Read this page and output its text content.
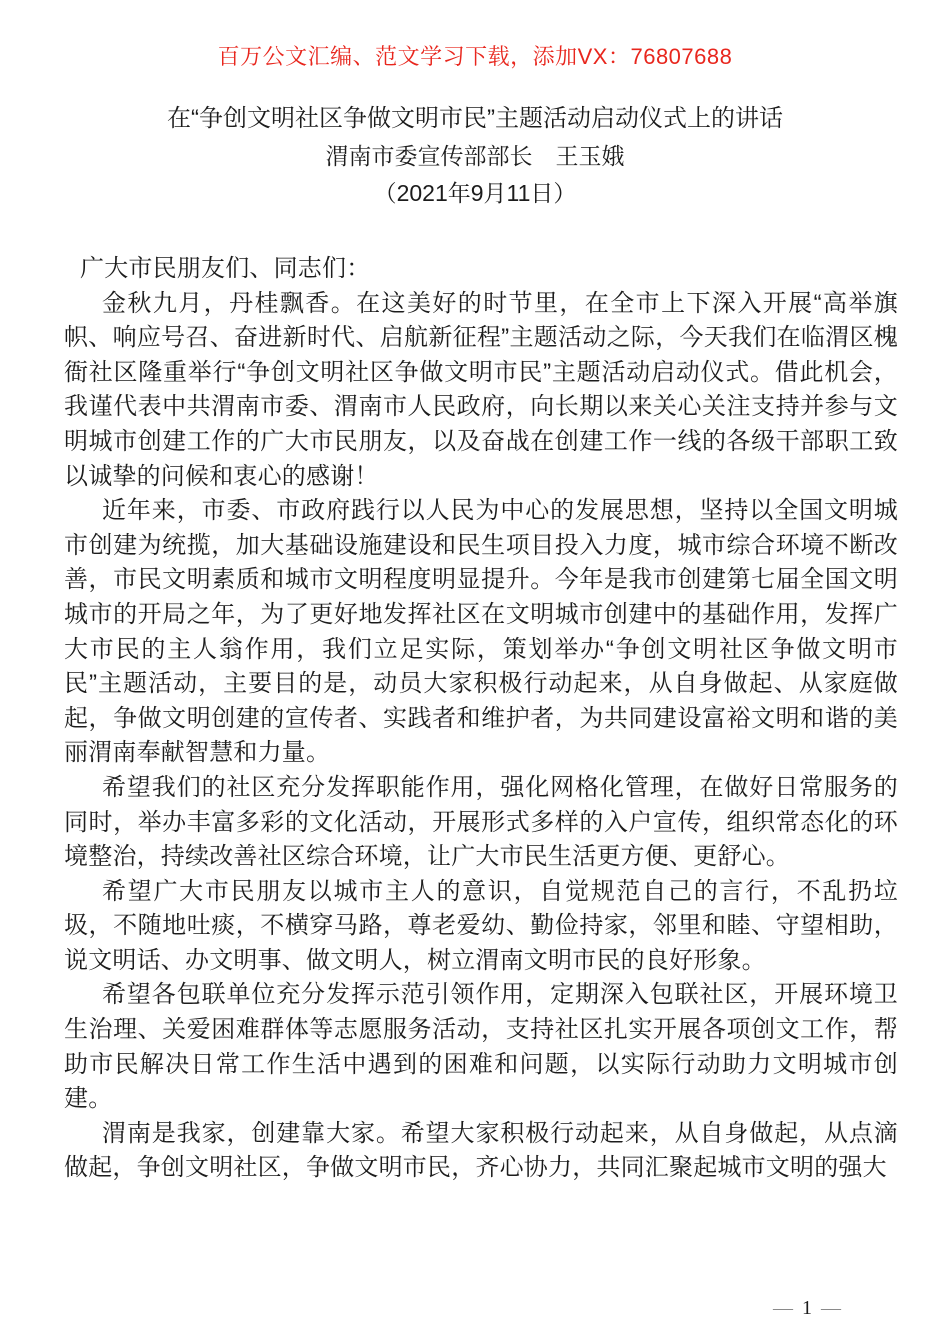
百万公文汇编、范文学习下载，添加VX：76807688

在“争创文明社区争做文明市民”主题活动启动仪式上的讲话

渭南市委宣传部部长　王玉娥

（2021年9月11日）

广大市民朋友们、同志们：

金秋九月，丹桂飘香。在这美好的时节里，在全市上下深入开展“高举旗帜、响应号召、奋进新时代、启航新征程”主题活动之际，今天我们在临渭区槐衙社区隆重举行“争创文明社区争做文明市民”主题活动启动仪式。借此机会，我谨代表中共渭南市委、渭南市人民政府，向长期以来关心关注支持并参与文明城市创建工作的广大市民朋友，以及奋战在创建工作一线的各级干部职工致以诚挚的问候和衷心的感谢！

近年来，市委、市政府践行以人民为中心的发展思想，坚持以全国文明城市创建为统揽，加大基础设施建设和民生项目投入力度，城市综合环境不断改善，市民文明素质和城市文明程度明显提升。今年是我市创建第七届全国文明城市的开局之年，为了更好地发挥社区在文明城市创建中的基础作用，发挥广大市民的主人翁作用，我们立足实际，策划举办“争创文明社区争做文明市民”主题活动，主要目的是，动员大家积极行动起来，从自身做起、从家庭做起，争做文明创建的宣传者、实践者和维护者，为共同建设富裕文明和谐的美丽渭南奉献智慧和力量。

希望我们的社区充分发挥职能作用，强化网格化管理，在做好日常服务的同时，举办丰富多彩的文化活动，开展形式多样的入户宣传，组织常态化的环境整治，持续改善社区综合环境，让广大市民生活更方便、更舒心。

希望广大市民朋友以城市主人的意识，自觉规范自己的言行，不乱扔垃圾，不随地吐痰，不横穿马路，尊老爱幼、勤俭持家，邻里和睦、守望相助，说文明话、办文明事、做文明人，树立渭南文明市民的良好形象。

希望各包联单位充分发挥示范引领作用，定期深入包联社区，开展环境卫生治理、关爱困难群体等志愿服务活动，支持社区扎实开展各项创文工作，帮助市民解决日常工作生活中遇到的困难和问题，以实际行动助力文明城市创建。

渭南是我家，创建靠大家。希望大家积极行动起来，从自身做起，从点滴做起，争创文明社区，争做文明市民，齐心协力，共同汇聚起城市文明的强大

— 1 —
